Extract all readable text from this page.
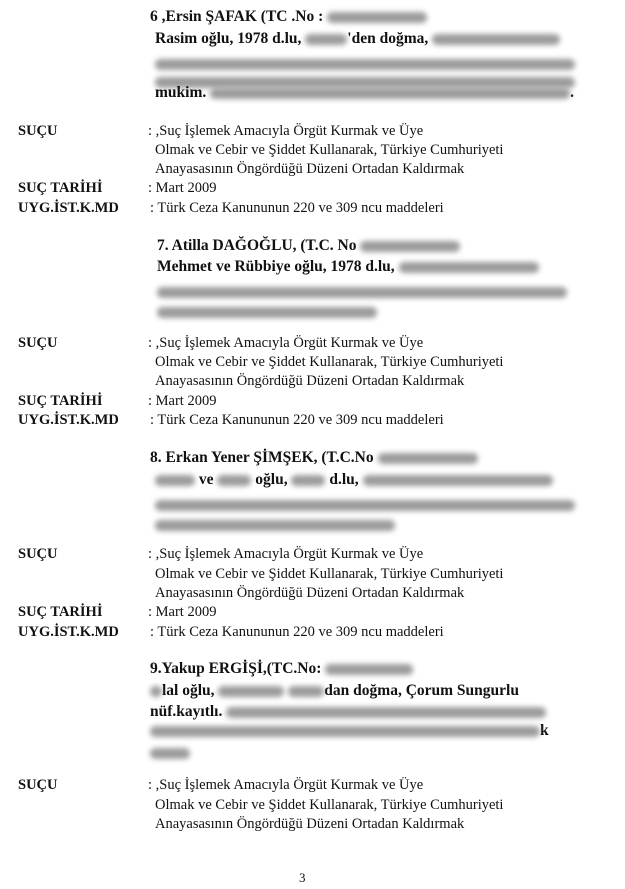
6 ,Ersin ŞAFAK (TC .No :
Rasim oğlu, 1978 d.lu,	'den doğma,
mukim.	.
SUÇU	: ,Suç İşlemek Amacıyla Örgüt Kurmak ve Üye
Olmak ve Cebir ve Şiddet Kullanarak, Türkiye Cumhuriyeti
Anayasasının Öngördüğü Düzeni Ortadan Kaldırmak
SUÇ TARİHİ	: Mart 2009
UYG.İST.K.MD : Türk Ceza Kanununun 220 ve 309 ncu maddeleri
7. Atilla DAĞOĞLU, (T.C. No
Mehmet ve Rübbiye oğlu, 1978 d.lu,
SUÇU	: ,Suç İşlemek Amacıyla Örgüt Kurmak ve Üye
Olmak ve Cebir ve Şiddet Kullanarak, Türkiye Cumhuriyeti
Anayasasının Öngördüğü Düzeni Ortadan Kaldırmak
SUÇ TARİHİ	: Mart 2009
UYG.İST.K.MD : Türk Ceza Kanununun 220 ve 309 ncu maddeleri
8. Erkan Yener ŞİMŞEK, (T.C.No
ve	oğlu,	d.lu,
SUÇU	: ,Suç İşlemek Amacıyla Örgüt Kurmak ve Üye
Olmak ve Cebir ve Şiddet Kullanarak, Türkiye Cumhuriyeti
Anayasasının Öngördüğü Düzeni Ortadan Kaldırmak
SUÇ TARİHİ	: Mart 2009
UYG.İST.K.MD : Türk Ceza Kanununun 220 ve 309 ncu maddeleri
9.Yakup ERGİŞİ,(TC.No:
lal oğlu,	dan doğma, Çorum Sungurlu
nüf.kayıtlı.
k
SUÇU	: ,Suç İşlemek Amacıyla Örgüt Kurmak ve Üye
Olmak ve Cebir ve Şiddet Kullanarak, Türkiye Cumhuriyeti
Anayasasının Öngördüğü Düzeni Ortadan Kaldırmak
3
